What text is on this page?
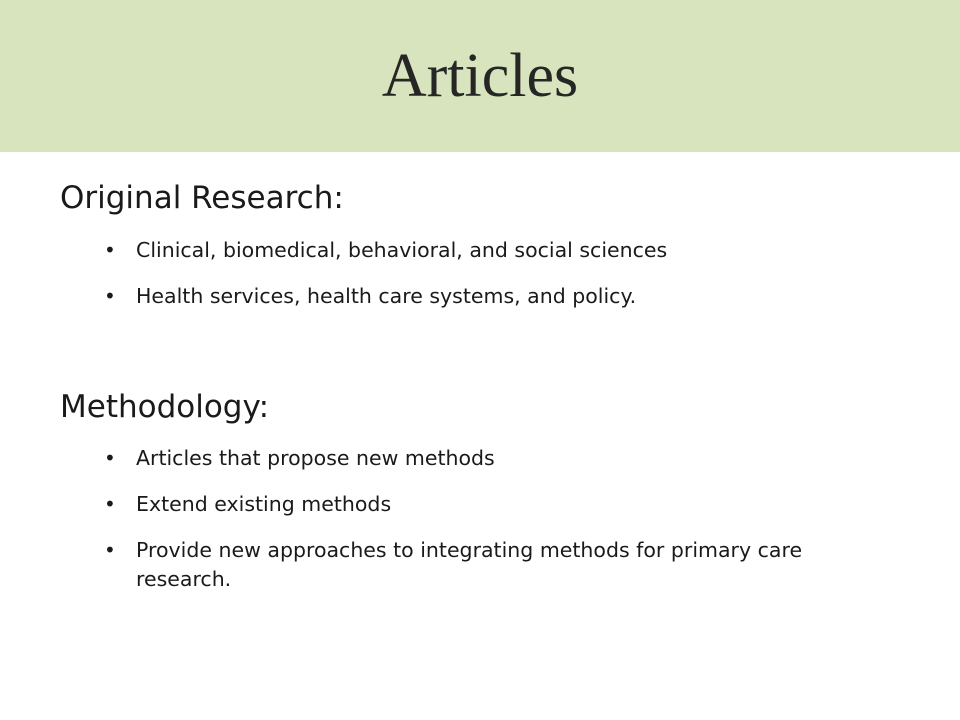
Articles
Original Research:
• Clinical, biomedical, behavioral, and social sciences
• Health services, health care systems, and policy.
Methodology:
• Articles that propose new methods
• Extend existing methods
• Provide new approaches to integrating methods for primary care research.
